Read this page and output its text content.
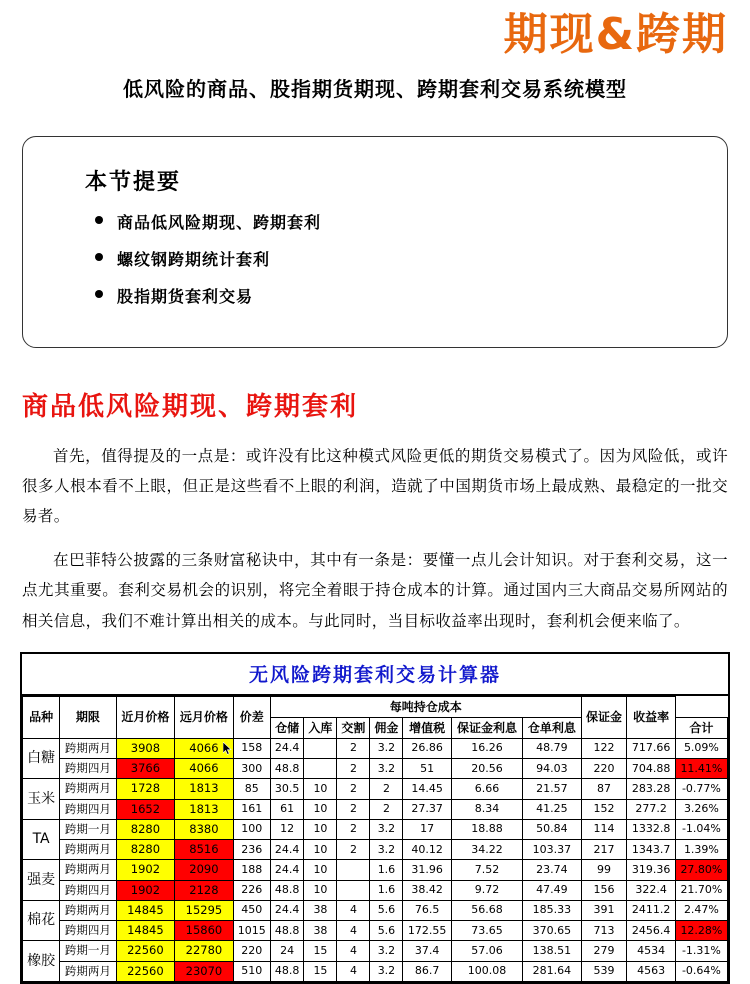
期现&跨期
低风险的商品、股指期货期现、跨期套利交易系统模型
本节提要
商品低风险期现、跨期套利
螺纹钢跨期统计套利
股指期货套利交易
商品低风险期现、跨期套利

首先，值得提及的一点是：或许没有比这种模式风险更低的期货交易模式了。因为风险低，或许很多人根本看不上眼，但正是这些看不上眼的利润，造就了中国期货市场上最成熟、最稳定的一批交易者。

在巴菲特公披露的三条财富秘诀中，其中有一条是：要懂一点儿会计知识。对于套利交易，这一点尤其重要。套利交易机会的识别，将完全着眼于持仓成本的计算。通过国内三大商品交易所网站的相关信息，我们不难计算出相关的成本。与此同时，当目标收益率出现时，套利机会便来临了。

无风险跨期套利交易计算器
品种	期限	近月价格	远月价格	价差	每吨持仓成本							保证金	收益率	
					仓储	入库	交割	佣金	增值税	保证金利息	仓单利息			合计
白糖	跨期两月	3908	4066	158	24.4		2	3.2	26.86	16.26	48.79	122	717.66	5.09%
	跨期四月	3766	4066	300	48.8		2	3.2	51	20.56	94.03	220	704.88	11.41%
玉米	跨期两月	1728	1813	85	30.5	10	2	2	14.45	6.66	21.57	87	283.28	-0.77%
	跨期四月	1652	1813	161	61	10	2	2	27.37	8.34	41.25	152	277.2	3.26%
TA	跨期一月	8280	8380	100	12	10	2	3.2	17	18.88	50.84	114	1332.8	-1.04%
	跨期两月	8280	8516	236	24.4	10	2	3.2	40.12	34.22	103.37	217	1343.7	1.39%
强麦	跨期两月	1902	2090	188	24.4	10		1.6	31.96	7.52	23.74	99	319.36	27.80%
	跨期四月	1902	2128	226	48.8	10		1.6	38.42	9.72	47.49	156	322.4	21.70%
棉花	跨期两月	14845	15295	450	24.4	38	4	5.6	76.5	56.68	185.33	391	2411.2	2.47%
	跨期四月	14845	15860	1015	48.8	38	4	5.6	172.55	73.65	370.65	713	2456.4	12.28%
橡胶	跨期一月	22560	22780	220	24	15	4	3.2	37.4	57.06	138.51	279	4534	-1.31%
	跨期两月	22560	23070	510	48.8	15	4	3.2	86.7	100.08	281.64	539	4563	-0.64%
